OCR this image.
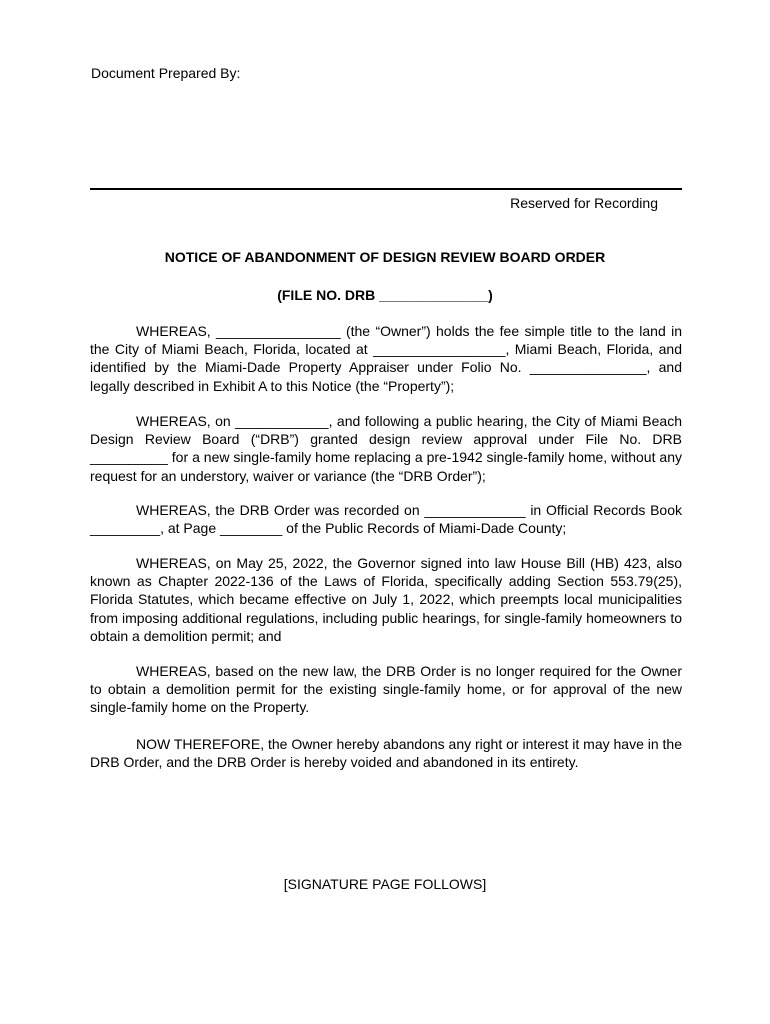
Document Prepared By:
Reserved for Recording
NOTICE OF ABANDONMENT OF DESIGN REVIEW BOARD ORDER
(FILE NO. DRB ______________)

WHEREAS, ________________ (the “Owner”) holds the fee simple title to the land in the City of Miami Beach, Florida, located at _________________, Miami Beach, Florida, and identified by the Miami-Dade Property Appraiser under Folio No. _______________, and legally described in Exhibit A to this Notice (the “Property”);

WHEREAS, on ____________, and following a public hearing, the City of Miami Beach Design Review Board (“DRB”) granted design review approval under File No. DRB __________ for a new single-family home replacing a pre-1942 single-family home, without any request for an understory, waiver or variance (the “DRB Order”);

WHEREAS, the DRB Order was recorded on _____________ in Official Records Book _________, at Page ________ of the Public Records of Miami-Dade County;

WHEREAS, on May 25, 2022, the Governor signed into law House Bill (HB) 423, also known as Chapter 2022-136 of the Laws of Florida, specifically adding Section 553.79(25), Florida Statutes, which became effective on July 1, 2022, which preempts local municipalities from imposing additional regulations, including public hearings, for single-family homeowners to obtain a demolition permit; and

WHEREAS, based on the new law, the DRB Order is no longer required for the Owner to obtain a demolition permit for the existing single-family home, or for approval of the new single-family home on the Property.

NOW THEREFORE, the Owner hereby abandons any right or interest it may have in the DRB Order, and the DRB Order is hereby voided and abandoned in its entirety.

[SIGNATURE PAGE FOLLOWS]
